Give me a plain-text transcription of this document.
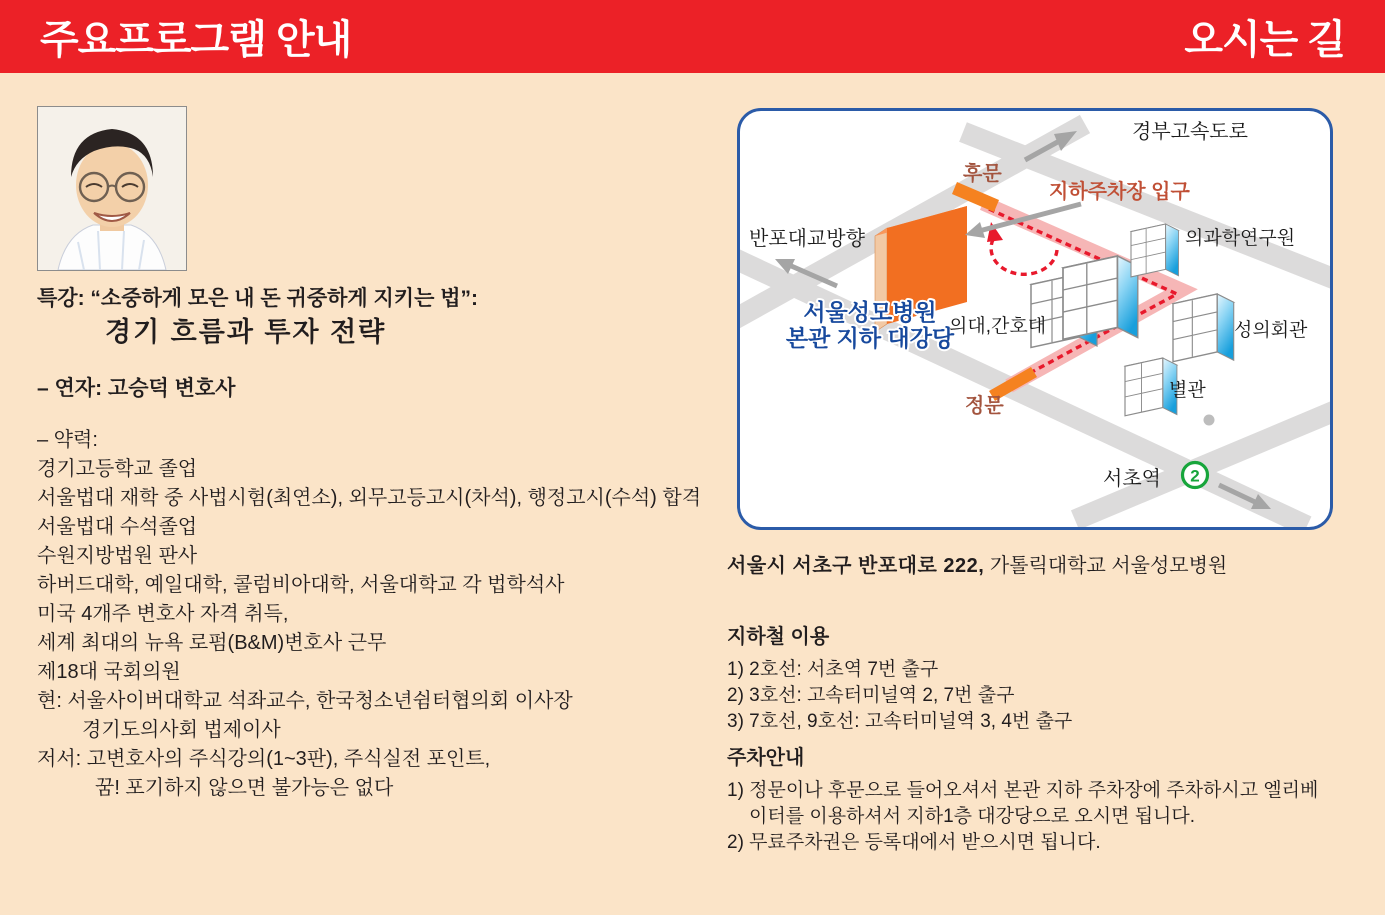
주요프로그램 안내	오시는 길
특강: “소중하게 모은 내 돈 귀중하게 지키는 법”:
경기 흐름과 투자 전략
– 연자: 고승덕 변호사
– 약력:
경기고등학교 졸업
서울법대 재학 중 사법시험(최연소), 외무고등고시(차석), 행정고시(수석) 합격
서울법대 수석졸업
수원지방법원 판사
하버드대학, 예일대학, 콜럼비아대학, 서울대학교 각 법학석사
미국 4개주 변호사 자격 취득,
세계 최대의 뉴욕 로펌(B&M)변호사 근무
제18대 국회의원
현: 서울사이버대학교 석좌교수, 한국청소년쉼터협의회 이사장
경기도의사회 법제이사
저서: 고변호사의 주식강의(1~3판), 주식실전 포인트,
꿈! 포기하지 않으면 불가능은 없다
경부고속도로
후문
지하주차장 입구
반포대교방향	의과학연구원
서울성모병원
본관 지하 대강당
의대,간호대	성의회관
별관
정문
서초역 2
서울시 서초구 반포대로 222, 가톨릭대학교 서울성모병원
지하철 이용
1) 2호선: 서초역 7번 출구
2) 3호선: 고속터미널역 2, 7번 출구
3) 7호선, 9호선: 고속터미널역 3, 4번 출구
주차안내
1) 정문이나 후문으로 들어오셔서 본관 지하 주차장에 주차하시고 엘리베
이터를 이용하셔서 지하1층 대강당으로 오시면 됩니다.
2) 무료주차권은 등록대에서 받으시면 됩니다.
